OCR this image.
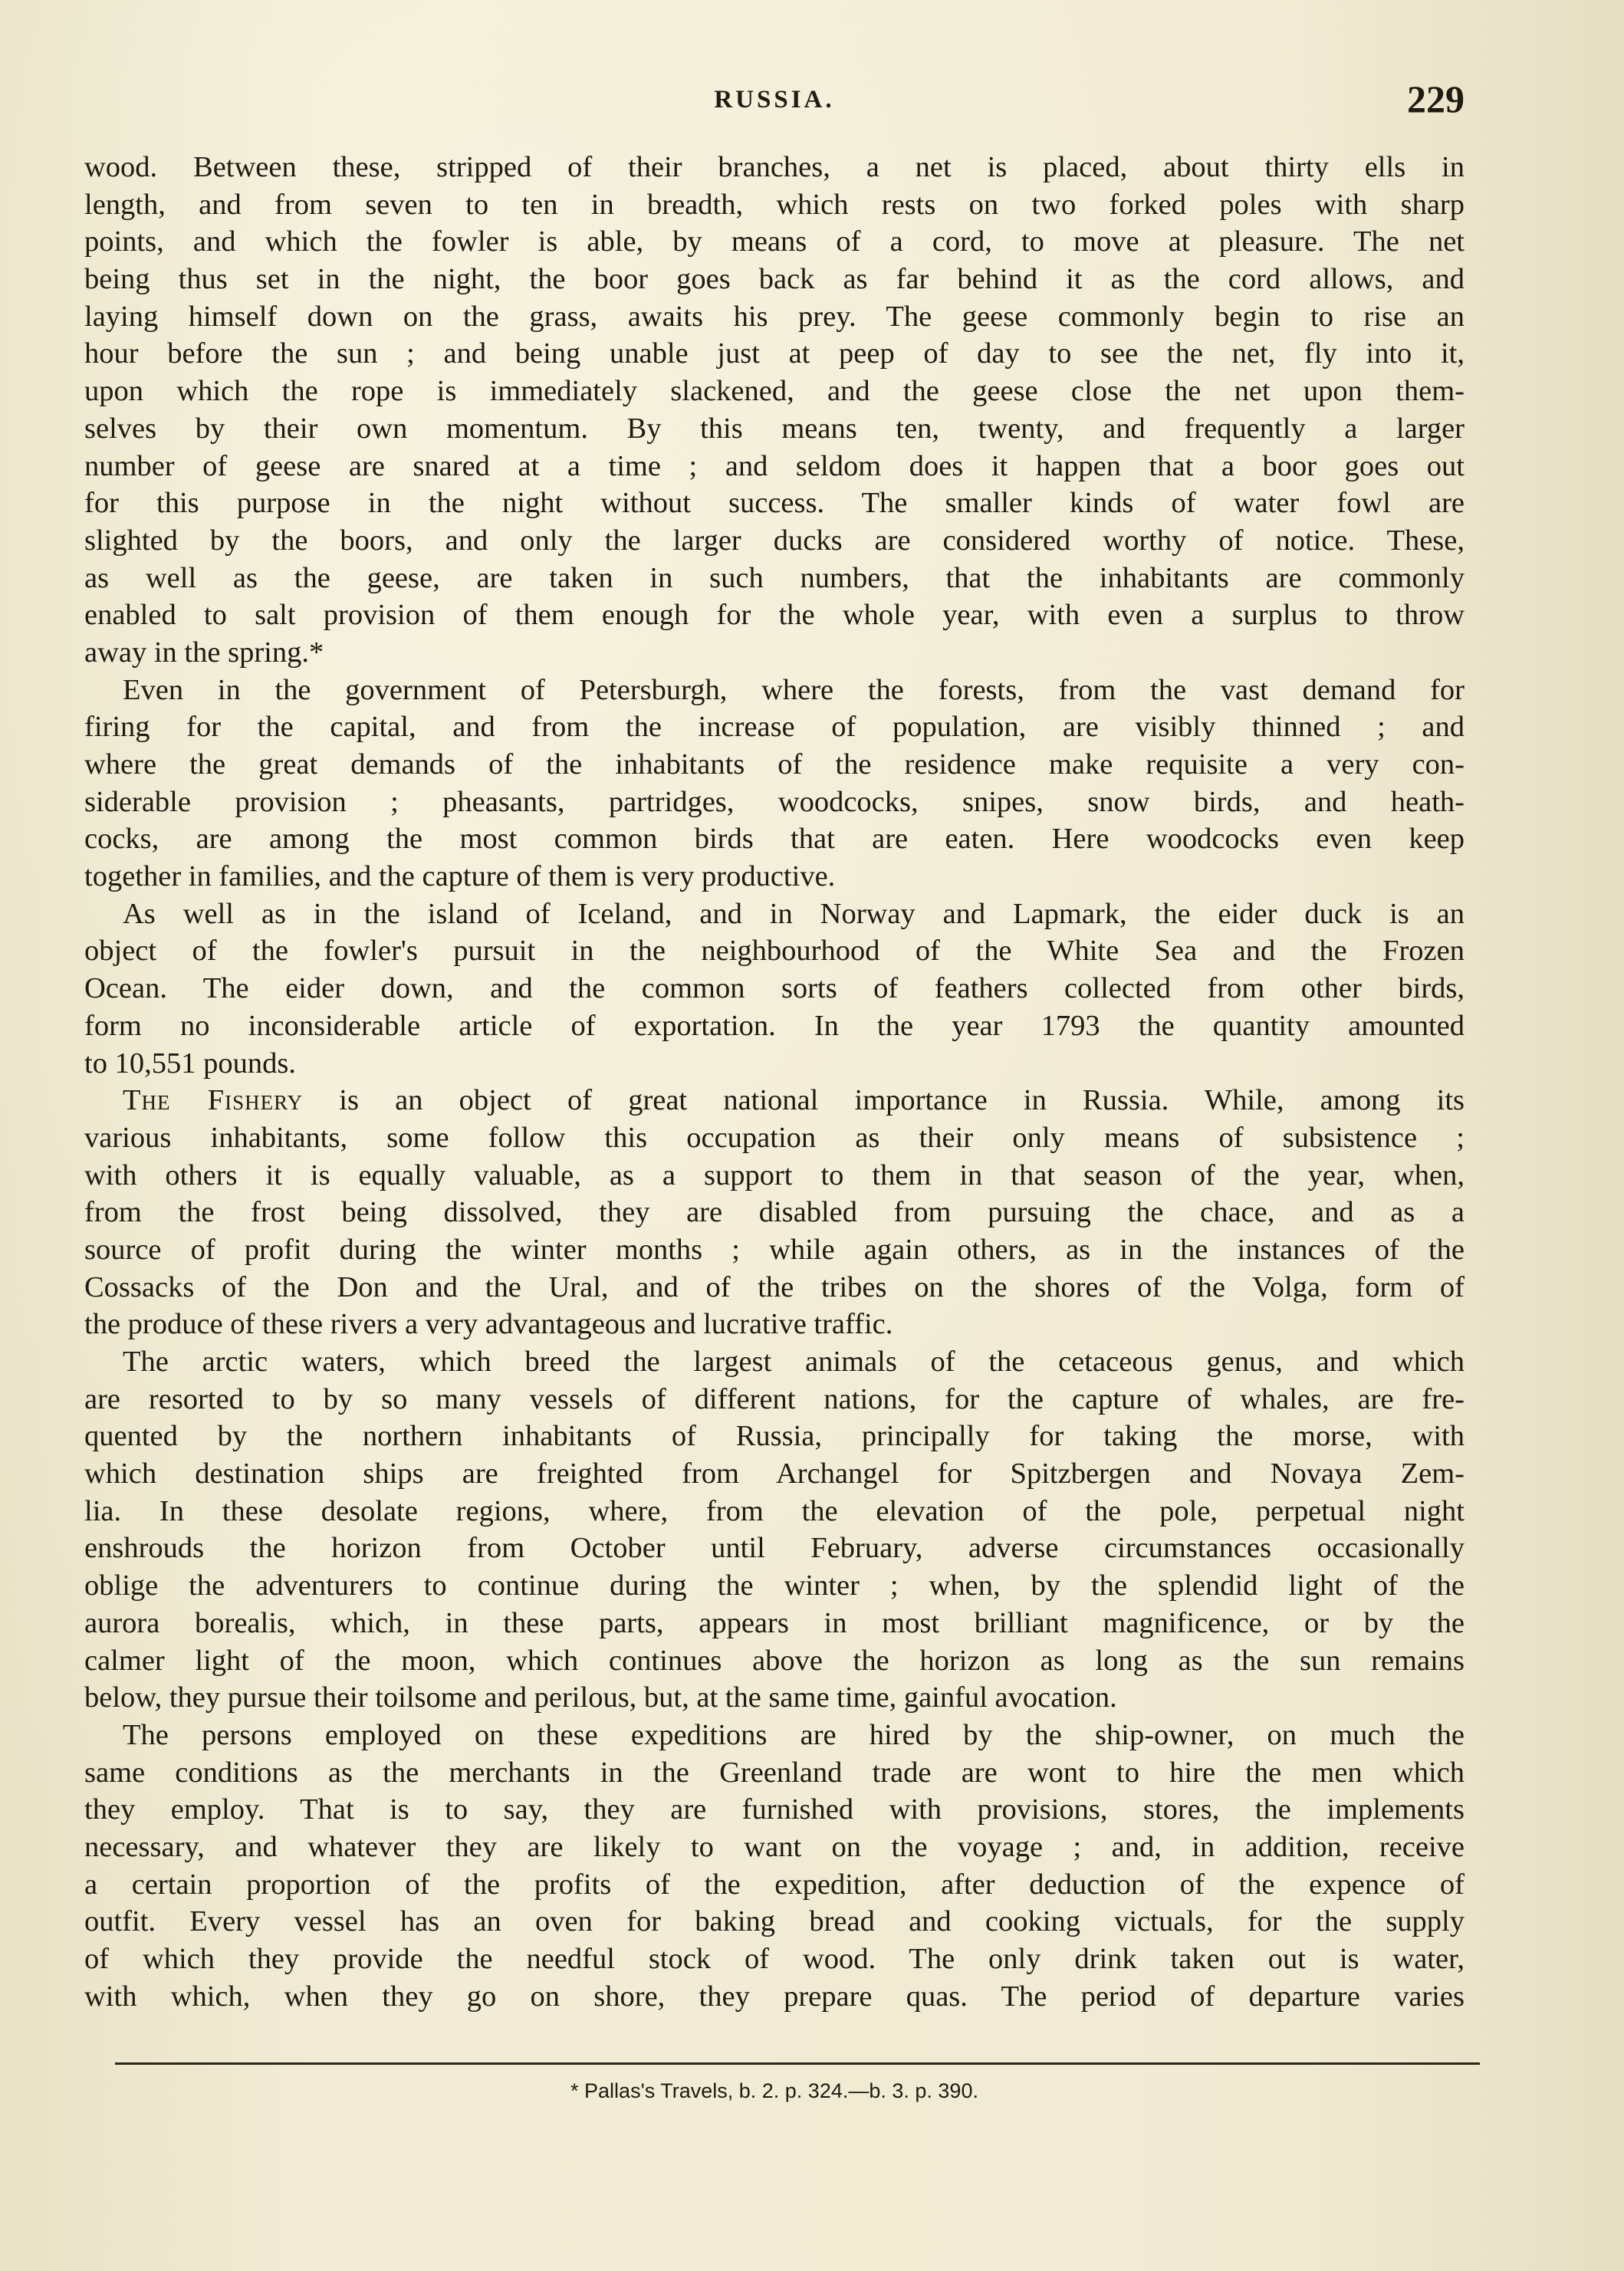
RUSSIA.	229
wood. Between these, stripped of their branches, a net is placed, about thirty ells in
length, and from seven to ten in breadth, which rests on two forked poles with sharp
points, and which the fowler is able, by means of a cord, to move at pleasure. The net
being thus set in the night, the boor goes back as far behind it as the cord allows, and
laying himself down on the grass, awaits his prey. The geese commonly begin to rise an
hour before the sun ; and being unable just at peep of day to see the net, fly into it,
upon which the rope is immediately slackened, and the geese close the net upon them-
selves by their own momentum. By this means ten, twenty, and frequently a larger
number of geese are snared at a time ; and seldom does it happen that a boor goes out
for this purpose in the night without success. The smaller kinds of water fowl are
slighted by the boors, and only the larger ducks are considered worthy of notice. These,
as well as the geese, are taken in such numbers, that the inhabitants are commonly
enabled to salt provision of them enough for the whole year, with even a surplus to throw
away in the spring.*
Even in the government of Petersburgh, where the forests, from the vast demand for
firing for the capital, and from the increase of population, are visibly thinned ; and
where the great demands of the inhabitants of the residence make requisite a very con-
siderable provision ; pheasants, partridges, woodcocks, snipes, snow birds, and heath-
cocks, are among the most common birds that are eaten. Here woodcocks even keep
together in families, and the capture of them is very productive.
As well as in the island of Iceland, and in Norway and Lapmark, the eider duck is an
object of the fowler's pursuit in the neighbourhood of the White Sea and the Frozen
Ocean. The eider down, and the common sorts of feathers collected from other birds,
form no inconsiderable article of exportation. In the year 1793 the quantity amounted
to 10,551 pounds.
The Fishery is an object of great national importance in Russia. While, among its
various inhabitants, some follow this occupation as their only means of subsistence ;
with others it is equally valuable, as a support to them in that season of the year, when,
from the frost being dissolved, they are disabled from pursuing the chace, and as a
source of profit during the winter months ; while again others, as in the instances of the
Cossacks of the Don and the Ural, and of the tribes on the shores of the Volga, form of
the produce of these rivers a very advantageous and lucrative traffic.
The arctic waters, which breed the largest animals of the cetaceous genus, and which
are resorted to by so many vessels of different nations, for the capture of whales, are fre-
quented by the northern inhabitants of Russia, principally for taking the morse, with
which destination ships are freighted from Archangel for Spitzbergen and Novaya Zem-
lia. In these desolate regions, where, from the elevation of the pole, perpetual night
enshrouds the horizon from October until February, adverse circumstances occasionally
oblige the adventurers to continue during the winter ; when, by the splendid light of the
aurora borealis, which, in these parts, appears in most brilliant magnificence, or by the
calmer light of the moon, which continues above the horizon as long as the sun remains
below, they pursue their toilsome and perilous, but, at the same time, gainful avocation.
The persons employed on these expeditions are hired by the ship-owner, on much the
same conditions as the merchants in the Greenland trade are wont to hire the men which
they employ. That is to say, they are furnished with provisions, stores, the implements
necessary, and whatever they are likely to want on the voyage ; and, in addition, receive
a certain proportion of the profits of the expedition, after deduction of the expence of
outfit. Every vessel has an oven for baking bread and cooking victuals, for the supply
of which they provide the needful stock of wood. The only drink taken out is water,
with which, when they go on shore, they prepare quas. The period of departure varies
* Pallas's Travels, b. 2. p. 324.—b. 3. p. 390.
